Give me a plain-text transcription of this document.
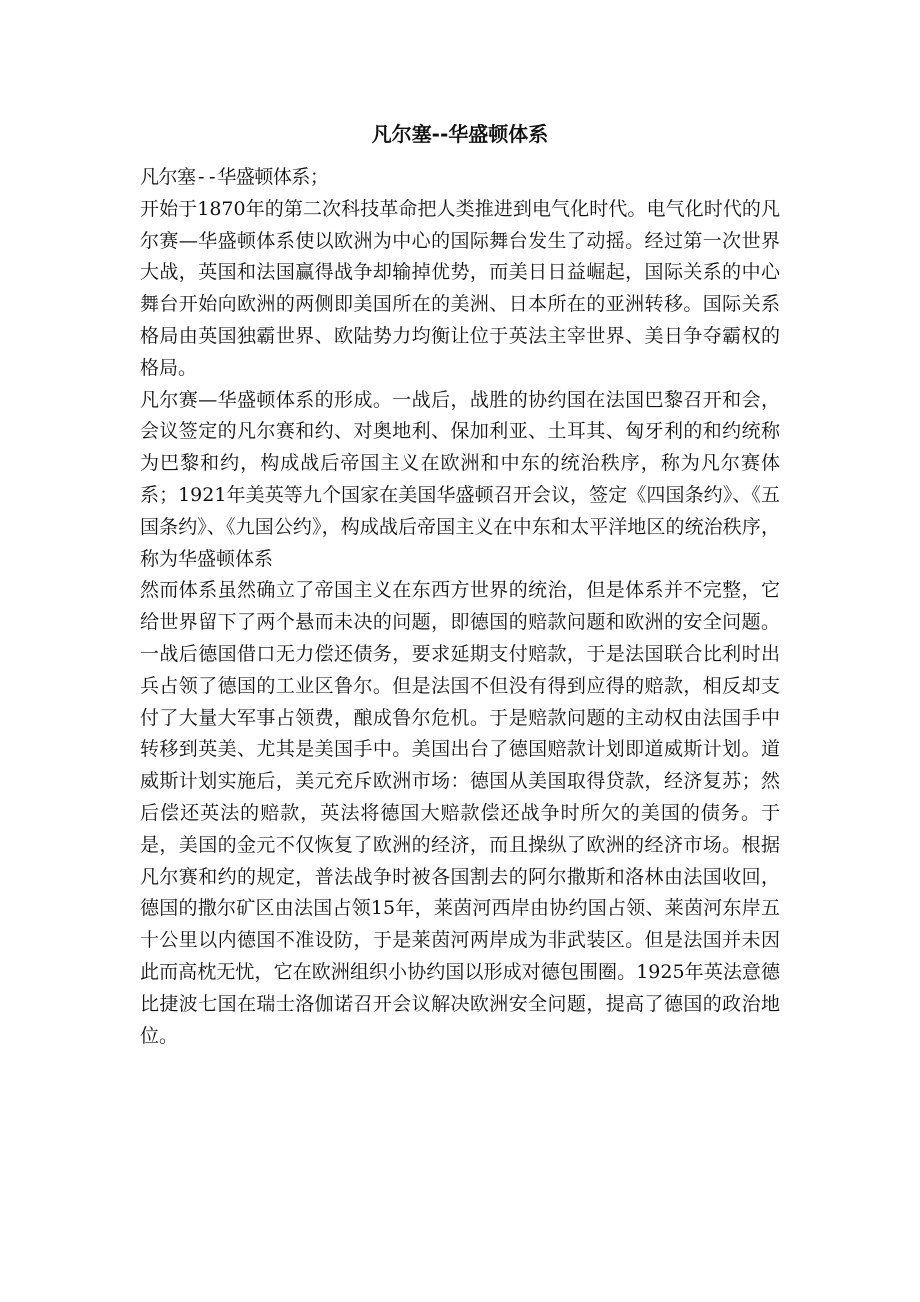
凡尔塞--华盛顿体系

凡尔塞--华盛顿体系；

开始于1870年的第二次科技革命把人类推进到电气化时代。电气化时代的凡尔赛—华盛顿体系使以欧洲为中心的国际舞台发生了动摇。经过第一次世界大战，英国和法国赢得战争却输掉优势，而美日日益崛起，国际关系的中心舞台开始向欧洲的两侧即美国所在的美洲、日本所在的亚洲转移。国际关系格局由英国独霸世界、欧陆势力均衡让位于英法主宰世界、美日争夺霸权的格局。

凡尔赛—华盛顿体系的形成。一战后，战胜的协约国在法国巴黎召开和会，会议签定的凡尔赛和约、对奥地利、保加利亚、土耳其、匈牙利的和约统称为巴黎和约，构成战后帝国主义在欧洲和中东的统治秩序，称为凡尔赛体系；1921年美英等九个国家在美国华盛顿召开会议，签定《四国条约》、《五国条约》、《九国公约》，构成战后帝国主义在中东和太平洋地区的统治秩序，称为华盛顿体系

然而体系虽然确立了帝国主义在东西方世界的统治，但是体系并不完整，它给世界留下了两个悬而未决的问题，即德国的赔款问题和欧洲的安全问题。一战后德国借口无力偿还债务，要求延期支付赔款，于是法国联合比利时出兵占领了德国的工业区鲁尔。但是法国不但没有得到应得的赔款，相反却支付了大量大军事占领费，酿成鲁尔危机。于是赔款问题的主动权由法国手中转移到英美、尤其是美国手中。美国出台了德国赔款计划即道威斯计划。道威斯计划实施后，美元充斥欧洲市场：德国从美国取得贷款，经济复苏；然后偿还英法的赔款，英法将德国大赔款偿还战争时所欠的美国的债务。于是，美国的金元不仅恢复了欧洲的经济，而且操纵了欧洲的经济市场。根据凡尔赛和约的规定，普法战争时被各国割去的阿尔撒斯和洛林由法国收回，德国的撒尔矿区由法国占领15年，莱茵河西岸由协约国占领、莱茵河东岸五十公里以内德国不准设防，于是莱茵河两岸成为非武装区。但是法国并未因此而高枕无忧，它在欧洲组织小协约国以形成对德包围圈。1925年英法意德比捷波七国在瑞士洛伽诺召开会议解决欧洲安全问题，提高了德国的政治地位。
